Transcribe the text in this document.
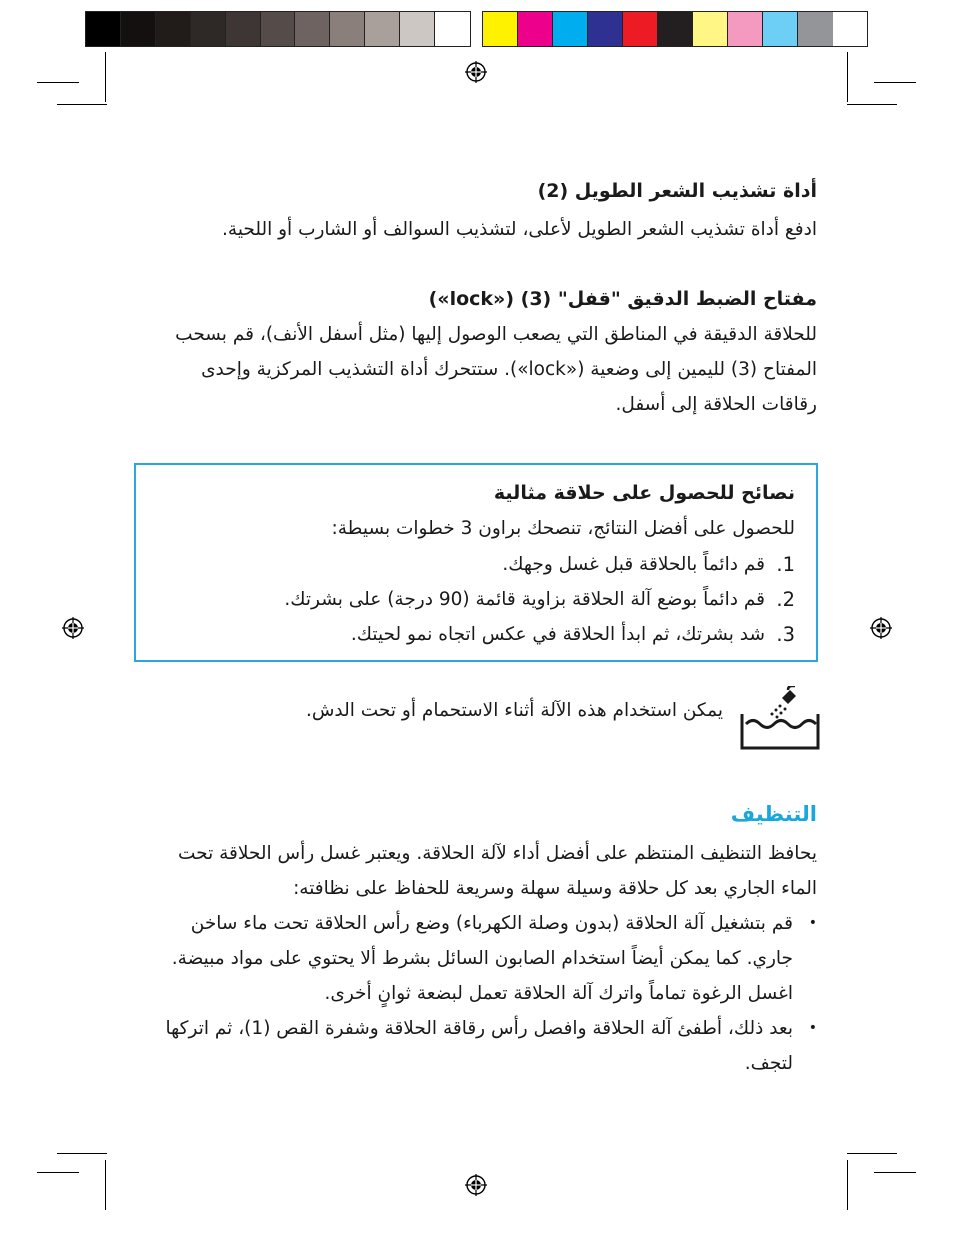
أداة تشذيب الشعر الطويل (2)
ادفع أداة تشذيب الشعر الطويل لأعلى، لتشذيب السوالف أو الشارب أو اللحية.
مفتاح الضبط الدقيق "قفل" (3) («lock»)
للحلاقة الدقيقة في المناطق التي يصعب الوصول إليها (مثل أسفل الأنف)، قم بسحب
المفتاح (3) لليمين إلى وضعية («lock»). ستتحرك أداة التشذيب المركزية وإحدى
رقاقات الحلاقة إلى أسفل.
نصائح للحصول على حلاقة مثالية
للحصول على أفضل النتائج، تنصحك براون 3 خطوات بسيطة:
1.
قم دائماً بالحلاقة قبل غسل وجهك.
2.
قم دائماً بوضع آلة الحلاقة بزاوية قائمة (90 درجة) على بشرتك.
3.
شد بشرتك، ثم ابدأ الحلاقة في عكس اتجاه نمو لحيتك.
يمكن استخدام هذه الآلة أثناء الاستحمام أو تحت الدش.
التنظيف
يحافظ التنظيف المنتظم على أفضل أداء لآلة الحلاقة. ويعتبر غسل رأس الحلاقة تحت
الماء الجاري بعد كل حلاقة وسيلة سهلة وسريعة للحفاظ على نظافته:
•
قم بتشغيل آلة الحلاقة (بدون وصلة الكهرباء) وضع رأس الحلاقة تحت ماء ساخن
جاري. كما يمكن أيضاً استخدام الصابون السائل بشرط ألا يحتوي على مواد مبيضة.
اغسل الرغوة تماماً واترك آلة الحلاقة تعمل لبضعة ثوانٍ أخرى.
•
بعد ذلك، أطفئ آلة الحلاقة وافصل رأس رقاقة الحلاقة وشفرة القص (1)، ثم اتركها
لتجف.
